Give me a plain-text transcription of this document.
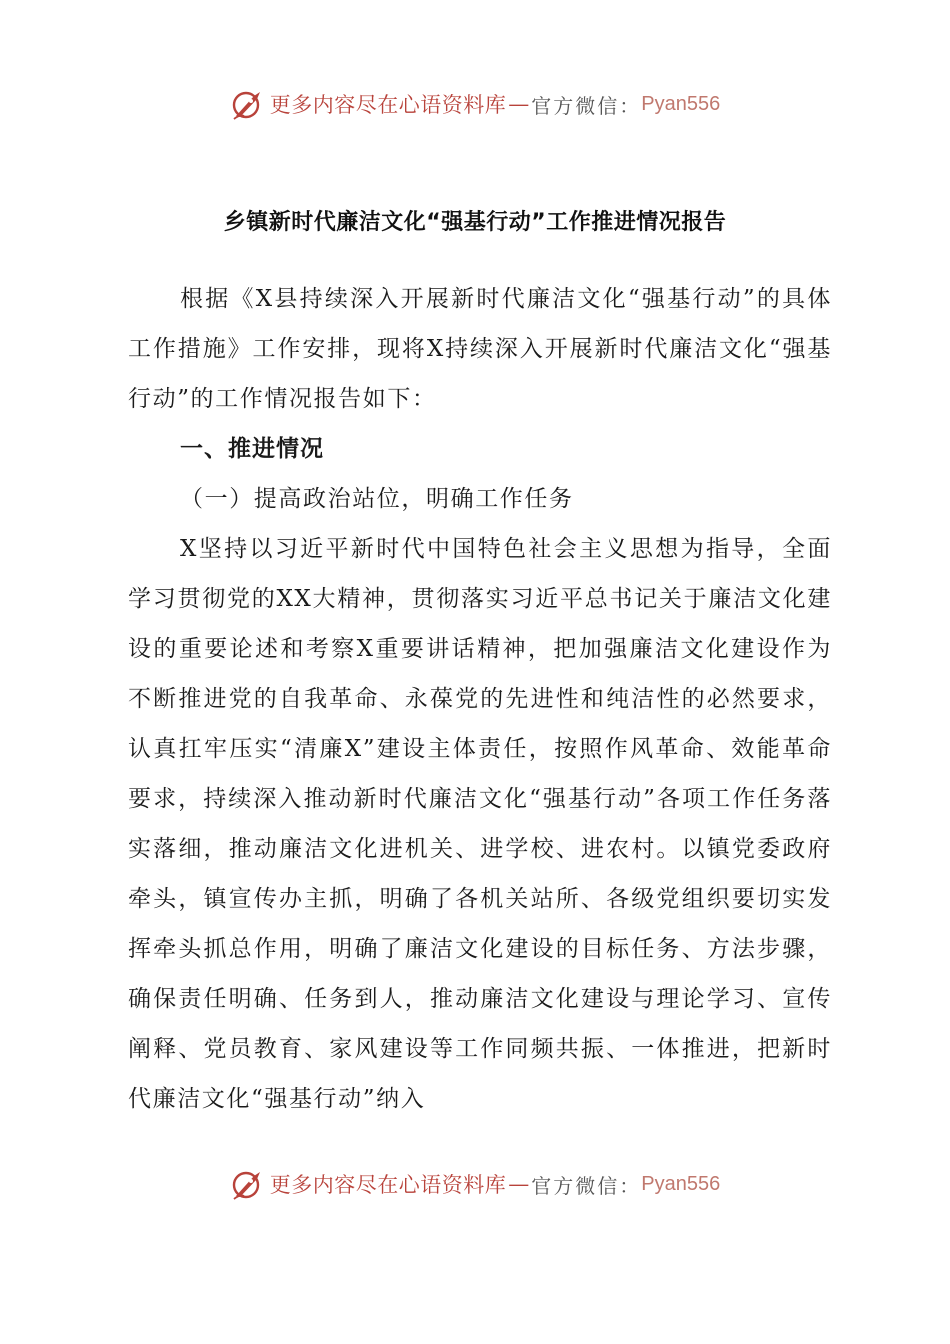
更多内容尽在心语资料库 — 官方微信： Pyan556
乡镇新时代廉洁文化“强基行动”工作推进情况报告
根据《X县持续深入开展新时代廉洁文化“强基行动”的具体工作措施》工作安排，现将X持续深入开展新时代廉洁文化“强基行动”的工作情况报告如下：
一、推进情况
（一）提高政治站位，明确工作任务
X坚持以习近平新时代中国特色社会主义思想为指导，全面学习贯彻党的XX大精神，贯彻落实习近平总书记关于廉洁文化建设的重要论述和考察X重要讲话精神，把加强廉洁文化建设作为不断推进党的自我革命、永葆党的先进性和纯洁性的必然要求，认真扛牢压实“清廉X”建设主体责任，按照作风革命、效能革命要求，持续深入推动新时代廉洁文化“强基行动”各项工作任务落实落细，推动廉洁文化进机关、进学校、进农村。以镇党委政府牵头，镇宣传办主抓，明确了各机关站所、各级党组织要切实发挥牵头抓总作用，明确了廉洁文化建设的目标任务、方法步骤，确保责任明确、任务到人，推动廉洁文化建设与理论学习、宣传阐释、党员教育、家风建设等工作同频共振、一体推进，把新时代廉洁文化“强基行动”纳入
更多内容尽在心语资料库 — 官方微信： Pyan556
